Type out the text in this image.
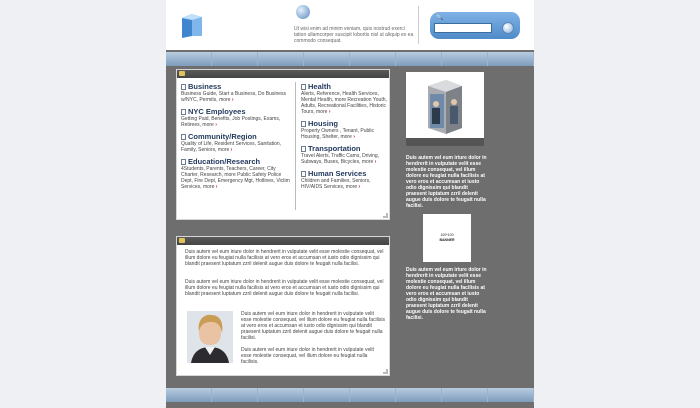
Ut wisi enim ad minim veniam, quis nostrud exerci tation ullamcorper suscipit lobortis nisl ut aliquip ex ea commodo consequat.
🔍
Business
Business Guide, Start a Business, Do Business w/NYC, Permits, more ›
NYC Employees
Getting Paid, Benefits, Job Postings, Exams, Retirees, more ›
Community/Region
Quality of Life, Resident Services, Sanitation, Family, Seniors, more ›
Education/Research
4Students, Parents, Teachers, Career, City Charter, Research, more Public Safety Police Dept, Fire Dept, Emergency Mgt, Hotlines, Victim Services, more ›
Health
Alerts, Reference, Health Services, Mental Health, more Recreation Youth, Adults, Recreational Facilities, Historic Tours, more ›
Housing
Property Owners , Tenant, Public Housing, Shelter, more ›
Transportation
Travel Alerts, Traffic Cams, Driving, Subways, Buses, Bicycles, more ›
Human Services
Children and Families, Seniors, HIV/AIDS Services, more ›
Duis autem vel eum iriure dolor in hendrerit in vulputate velit esse molestie consequat, vel illum dolore eu feugiat nulla facilisis at vero eros et accumsan et iusto odio dignissim qui blandit praesent luptatum zzril delenit augue duis dolore te feugait nulla facilisi.
Duis autem vel eum iriure dolor in hendrerit in vulputate velit esse molestie consequat, vel illum dolore eu feugiat nulla facilisis at vero eros et accumsan et iusto odio dignissim qui blandit praesent luptatum zzril delenit augue duis dolore te feugait nulla facilisi.
Duis autem vel eum iriure dolor in hendrerit in vulputate velit esse molestie consequat, vel illum dolore eu feugiat nulla facilisis at vero eros et accumsan et iusto odio dignissim qui blandit praesent luptatum zzril delenit augue duis dolore te feugait nulla facilisi.
Duis autem vel eum iriure dolor in hendrerit in vulputate velit esse molestie consequat, vel illum dolore eu feugiat nulla facilisis.
Duis autem vel eum iriure dolor in hendrerit in vulputate velit esse molestie consequat, vel illum dolore eu feugiat nulla facilisis at vero eros et accumsan et iusto odio dignissim qui blandit praesent luptatum zzril delenit augue duis dolore te feugait nulla facilisi.
100*100
BANNER
Duis autem vel eum iriure dolor in hendrerit in vulputate velit esse molestie consequat, vel illum dolore eu feugiat nulla facilisis at vero eros et accumsan et iusto odio dignissim qui blandit praesent luptatum zzril delenit augue duis dolore te feugait nulla facilisi.
